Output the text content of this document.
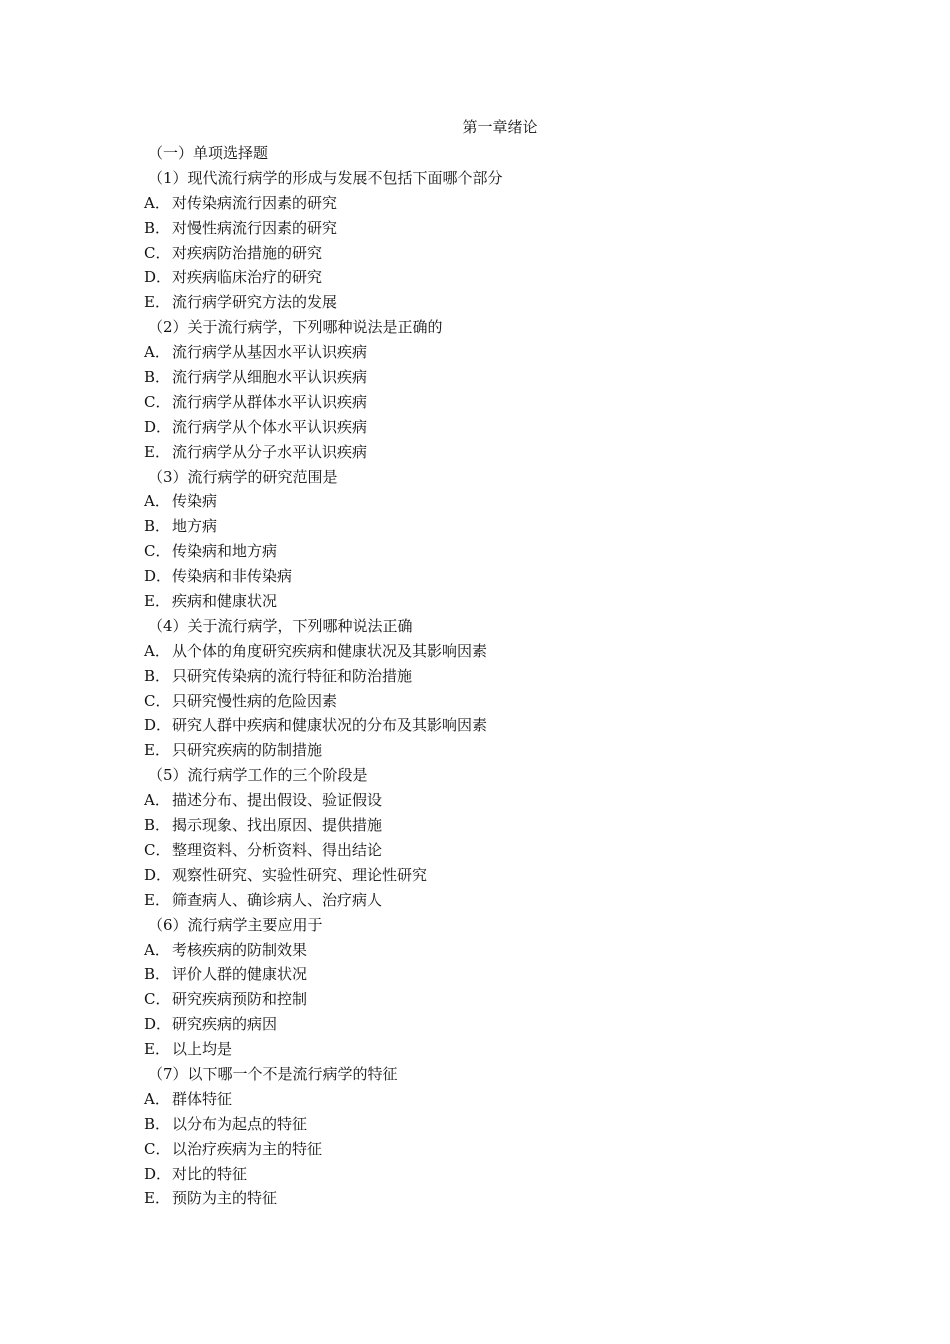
第一章绪论
（一）单项选择题
（1）现代流行病学的形成与发展不包括下面哪个部分
A． 对传染病流行因素的研究
B． 对慢性病流行因素的研究
C． 对疾病防治措施的研究
D．对疾病临床治疗的研究
E． 流行病学研究方法的发展
（2）关于流行病学，下列哪种说法是正确的
A． 流行病学从基因水平认识疾病
B． 流行病学从细胞水平认识疾病
C． 流行病学从群体水平认识疾病
D．流行病学从个体水平认识疾病
E． 流行病学从分子水平认识疾病
（3）流行病学的研究范围是
A． 传染病
B． 地方病
C． 传染病和地方病
D．传染病和非传染病
E． 疾病和健康状况
（4）关于流行病学，下列哪种说法正确
A． 从个体的角度研究疾病和健康状况及其影响因素
B． 只研究传染病的流行特征和防治措施
C． 只研究慢性病的危险因素
D．研究人群中疾病和健康状况的分布及其影响因素
E． 只研究疾病的防制措施
（5）流行病学工作的三个阶段是
A． 描述分布、提出假设、验证假设
B． 揭示现象、找出原因、提供措施
C． 整理资料、分析资料、得出结论
D．观察性研究、实验性研究、理论性研究
E． 筛查病人、确诊病人、治疗病人
（6）流行病学主要应用于
A． 考核疾病的防制效果
B． 评价人群的健康状况
C． 研究疾病预防和控制
D．研究疾病的病因
E． 以上均是
（7）以下哪一个不是流行病学的特征
A． 群体特征
B． 以分布为起点的特征
C． 以治疗疾病为主的特征
D．对比的特征
E． 预防为主的特征
